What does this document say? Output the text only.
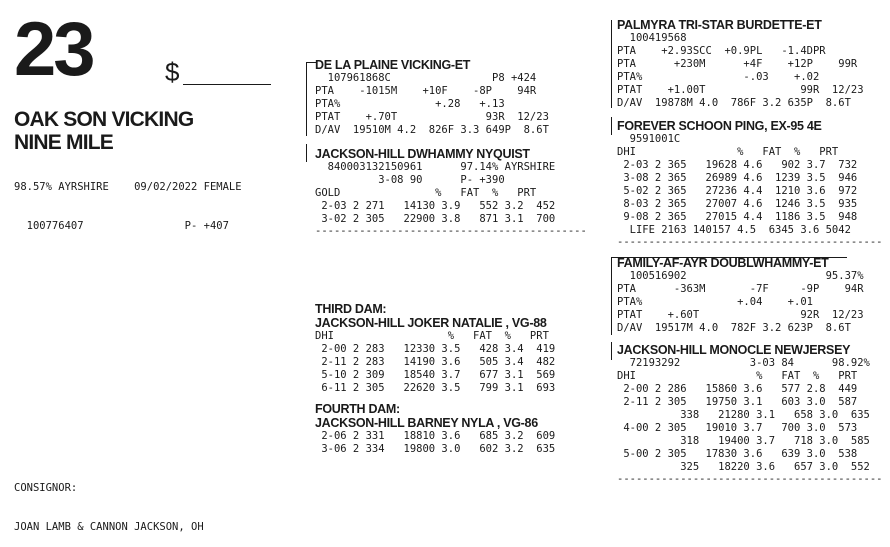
23	$
OAK SON VICKING
NINE MILE

98.57% AYRSHIRE    09/02/2022 FEMALE

100776407                P- +407

CONSIGNOR:

JOAN LAMB & CANNON JACKSON, OH

DE LA PLAINE VICKING-ET
107961868C                P8 +424
PTA    -1015M    +10F    -8P    94R
PTA%               +.28   +.13
PTAT    +.70T              93R  12/23
D/AV  19510M 4.2  826F 3.3 649P  8.6T
JACKSON-HILL DWHAMMY NYQUIST
840003132150961      97.14% AYRSHIRE
3-08 90      P- +390
GOLD               %   FAT  %   PRT
2-03 2 271   14130 3.9   552 3.2  452
3-02 2 305   22900 3.8   871 3.1  700
-------------------------------------------
THIRD DAM:
JACKSON-HILL JOKER NATALIE , VG-88
DHI                  %   FAT  %   PRT
2-00 2 283   12330 3.5   428 3.4  419
2-11 2 283   14190 3.6   505 3.4  482
5-10 2 309   18540 3.7   677 3.1  569
6-11 2 305   22620 3.5   799 3.1  693
FOURTH DAM:
JACKSON-HILL BARNEY NYLA , VG-86
2-06 2 331   18810 3.6   685 3.2  609
3-06 2 334   19800 3.0   602 3.2  635
PALMYRA TRI-STAR BURDETTE-ET
100419568
PTA    +2.93SCC  +0.9PL   -1.4DPR
PTA      +230M      +4F    +12P    99R
PTA%                -.03    +.02
PTAT    +1.00T               99R  12/23
D/AV  19878M 4.0  786F 3.2 635P  8.6T
FOREVER SCHOON PING, EX-95 4E
9591001C
DHI                %   FAT  %   PRT
2-03 2 365   19628 4.6   902 3.7  732
3-08 2 365   26989 4.6  1239 3.5  946
5-02 2 365   27236 4.4  1210 3.6  972
8-03 2 365   27007 4.6  1246 3.5  935
9-08 2 365   27015 4.4  1186 3.5  948
LIFE 2163 140157 4.5  6345 3.6 5042
------------------------------------------
FAMILY-AF-AYR DOUBLWHAMMY-ET
100516902                      95.37%
PTA      -363M       -7F     -9P    94R
PTA%               +.04    +.01
PTAT    +.60T                92R  12/23
D/AV  19517M 4.0  782F 3.2 623P  8.6T
JACKSON-HILL MONOCLE NEWJERSEY
72193292           3-03 84      98.92%
DHI                   %   FAT  %   PRT
2-00 2 286   15860 3.6   577 2.8  449
2-11 2 305   19750 3.1   603 3.0  587
338   21280 3.1   658 3.0  635
4-00 2 305   19010 3.7   700 3.0  573
318   19400 3.7   718 3.0  585
5-00 2 305   17830 3.6   639 3.0  538
325   18220 3.6   657 3.0  552
------------------------------------------
